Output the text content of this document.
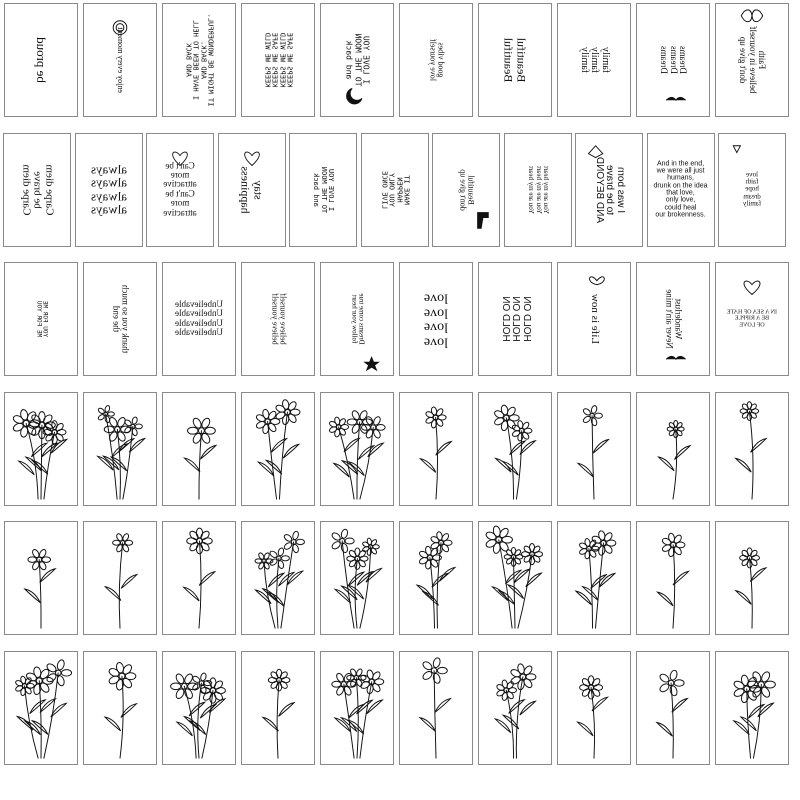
be proud	enjoy every moment
IT MIGHT BE WONDERFUL.
AND BACK.
I HAVE BEEN TO HELL
AND BACK
KEEPS WE SAFE
KEEPS WE WILD
KEEPS WE SAFE
KEEPS WE WILD
I LOVE YOU
TO THE MOON
and back
good vibes
love yourself	Beautiful
Beautiful	family
family
family	Dreams
Dreams
Dreams	Faith
believe in yourself
don't give up
Carpe diem
be brave
Carpe diem	always
always
always
always
Can't be
more
attractive
Can't be
more
attractive
stay
happiness	I LOVE YOU
TO THE MOON
and back
MAKE IT
HAPPEN
YOU ONLY
LIVE ONCE	Beautiful
don't give up
You are my heart
You are my heart
You are my heart
I was born
to be brave
AND BEYOND	And in the end,
we were all just
humans,
drunk on the idea
that love,
only love,
could heal
our brokenness.
love
faith
hope
dream
family
YOU FOR ME
ME FOR YOU
thank you so much
the end
Unbelievable
Unbelievable
Unbelievable
Unbelievable	believe yourself
believe yourself
Dreams come true
follow your heart
love
love
love
love
HOLD ON
HOLD ON
HOLD ON	Life is now	Wanderlust
Never ain't mine
IN A SEA OF HATE
BE A RIPPLE
OF LOVE
